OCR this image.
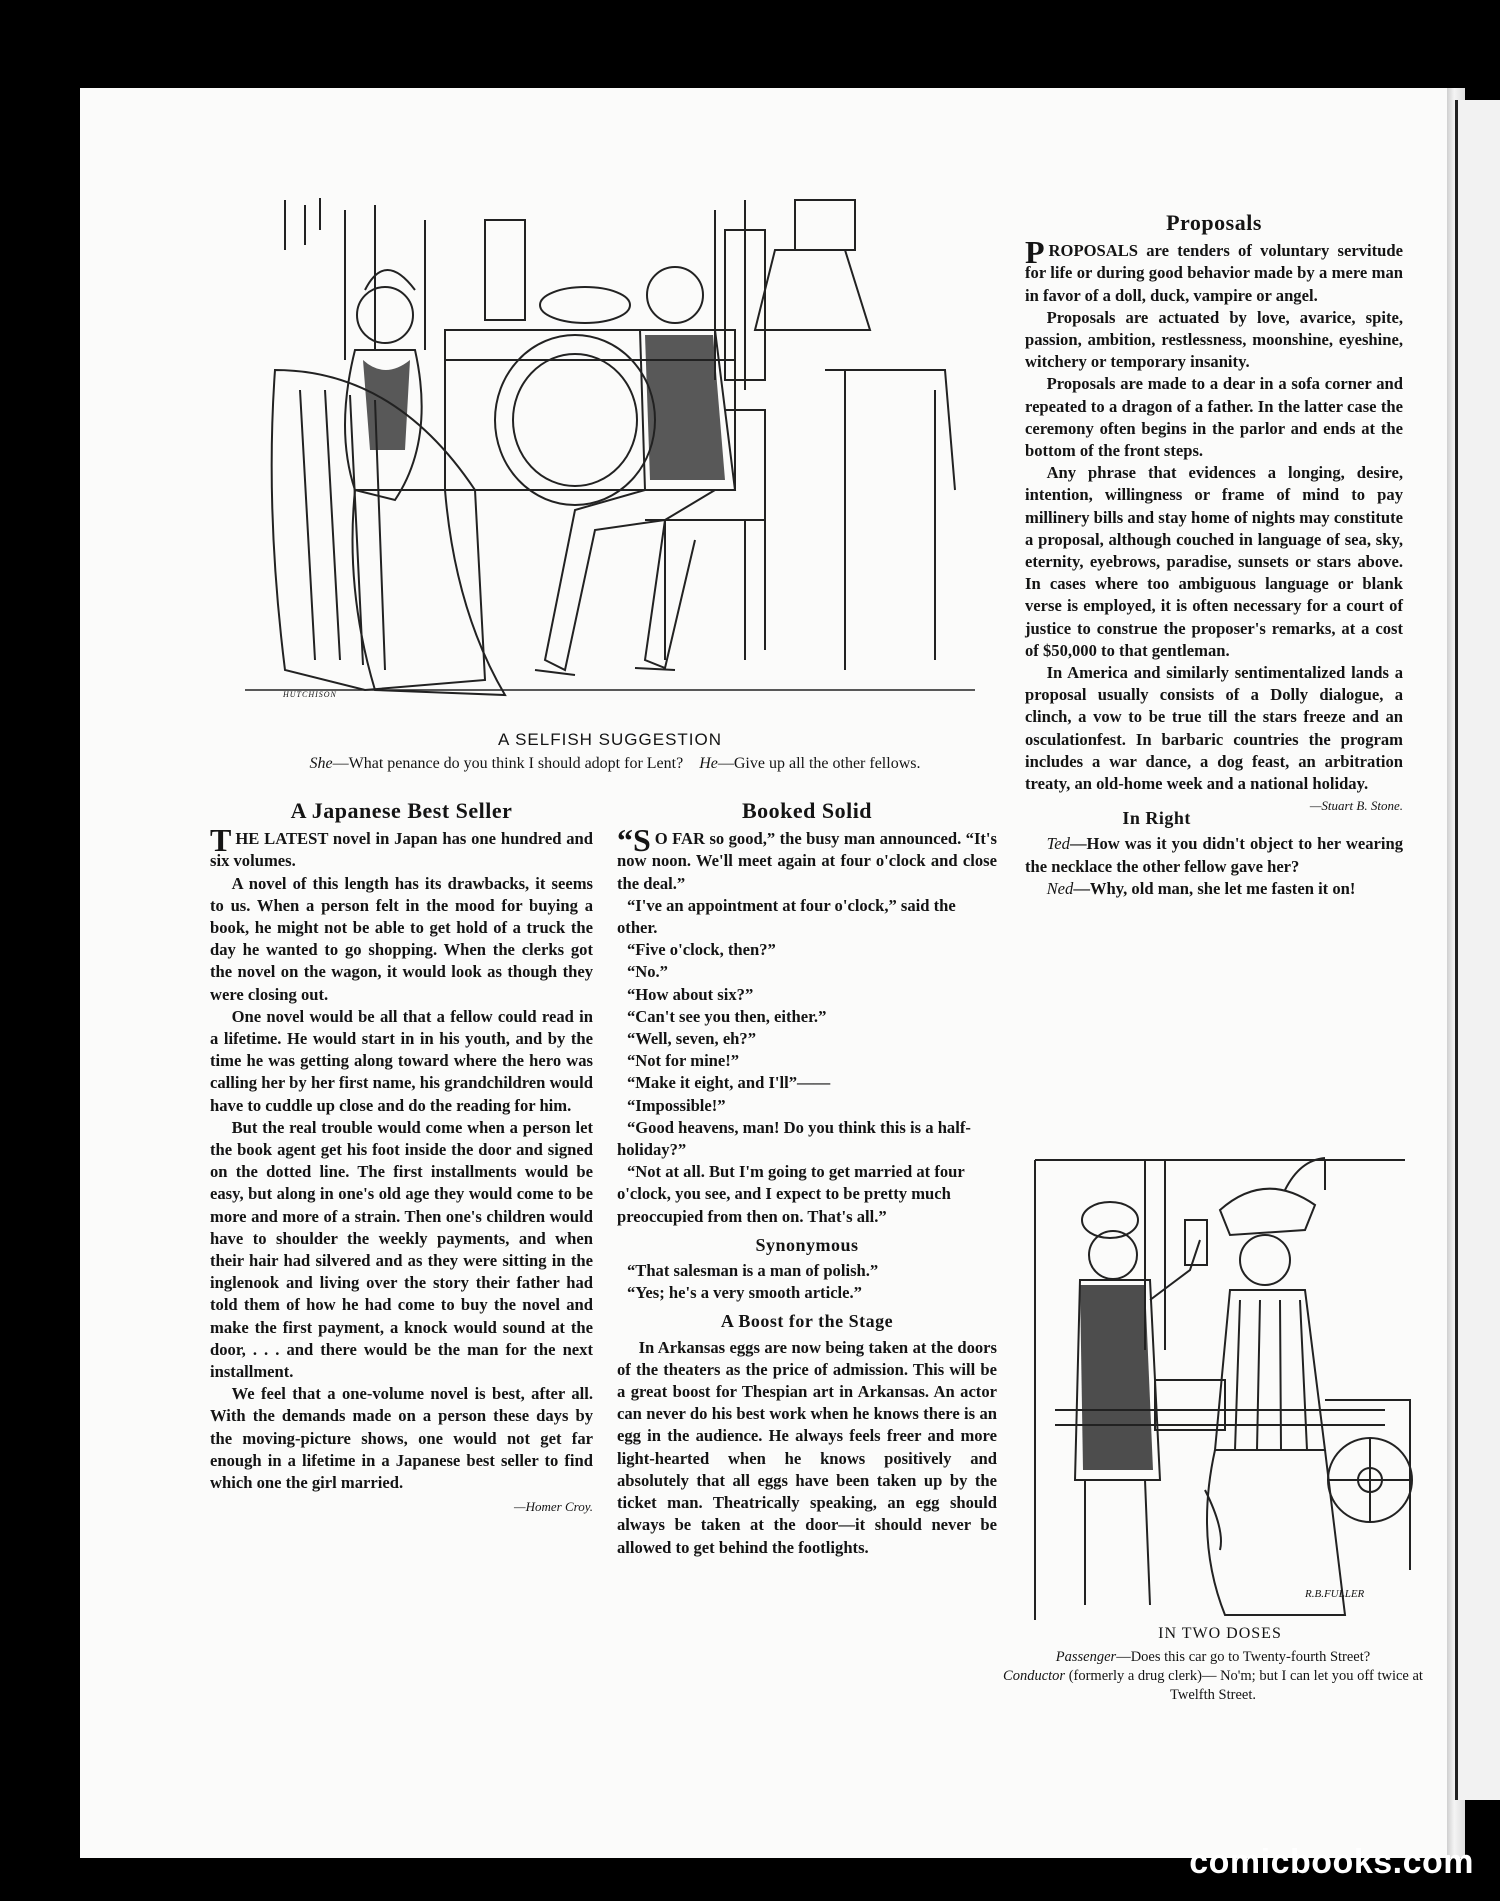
HUTCHISON
A SELFISH SUGGESTION
She—What penance do you think I should adopt for Lent? He—Give up all the other fellows.
A Japanese Best Seller

THE LATEST novel in Japan has one hundred and six volumes.

A novel of this length has its drawbacks, it seems to us. When a person felt in the mood for buying a book, he might not be able to get hold of a truck the day he wanted to go shopping. When the clerks got the novel on the wagon, it would look as though they were closing out.

One novel would be all that a fellow could read in a lifetime. He would start in in his youth, and by the time he was getting along toward where the hero was calling her by her first name, his grandchildren would have to cuddle up close and do the reading for him.

But the real trouble would come when a person let the book agent get his foot inside the door and signed on the dotted line. The first installments would be easy, but along in one's old age they would come to be more and more of a strain. Then one's children would have to shoulder the weekly payments, and when their hair had silvered and as they were sitting in the inglenook and living over the story their father had told them of how he had come to buy the novel and make the first payment, a knock would sound at the door, . . . and there would be the man for the next installment.

We feel that a one-volume novel is best, after all. With the demands made on a person these days by the moving-picture shows, one would not get far enough in a lifetime in a Japanese best seller to find which one the girl married.

—Homer Croy.
Booked Solid

“S O FAR so good,” the busy man announced. “It's now noon. We'll meet again at four o'clock and close the deal.”

“I've an appointment at four o'clock,” said the other.

“Five o'clock, then?”

“No.”

“How about six?”

“Can't see you then, either.”

“Well, seven, eh?”

“Not for mine!”

“Make it eight, and I'll”——

“Impossible!”

“Good heavens, man! Do you think this is a half-holiday?”

“Not at all. But I'm going to get married at four o'clock, you see, and I expect to be pretty much preoccupied from then on. That's all.”

Synonymous

“That salesman is a man of polish.”

“Yes; he's a very smooth article.”

A Boost for the Stage

In Arkansas eggs are now being taken at the doors of the theaters as the price of admission. This will be a great boost for Thespian art in Arkansas. An actor can never do his best work when he knows there is an egg in the audience. He always feels freer and more light-hearted when he knows positively and absolutely that all eggs have been taken up by the ticket man. Theatrically speaking, an egg should always be taken at the door—it should never be allowed to get behind the footlights.

Proposals

PROPOSALS are tenders of voluntary servitude for life or during good behavior made by a mere man in favor of a doll, duck, vampire or angel.

Proposals are actuated by love, avarice, spite, passion, ambition, restlessness, moonshine, eyeshine, witchery or temporary insanity.

Proposals are made to a dear in a sofa corner and repeated to a dragon of a father. In the latter case the ceremony often begins in the parlor and ends at the bottom of the front steps.

Any phrase that evidences a longing, desire, intention, willingness or frame of mind to pay millinery bills and stay home of nights may constitute a proposal, although couched in language of sea, sky, eternity, eyebrows, paradise, sunsets or stars above. In cases where too ambiguous language or blank verse is employed, it is often necessary for a court of justice to construe the proposer's remarks, at a cost of $50,000 to that gentleman.

In America and similarly sentimentalized lands a proposal usually consists of a Dolly dialogue, a clinch, a vow to be true till the stars freeze and an osculationfest. In barbaric countries the program includes a war dance, a dog feast, an arbitration treaty, an old-home week and a national holiday.
—Stuart B. Stone.

In Right

Ted—How was it you didn't object to her wearing the necklace the other fellow gave her?

Ned—Why, old man, she let me fasten it on!

R.B.FULLER
IN TWO DOSES
Passenger—Does this car go to Twenty-fourth Street?
Conductor (formerly a drug clerk)— No'm; but I can let you off twice at Twelfth Street.
comicbooks.com
